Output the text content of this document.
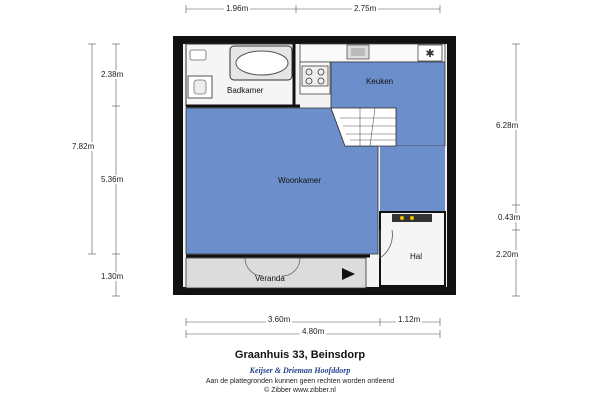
✱
1.96m	2.75m
2.38m
7.82m
5.36m
1.30m
6.28m
0.43m
2.20m
3.60m	1.12m
4.80m
Badkamer
Keuken
Woonkamer
Hal
Veranda
Graanhuis 33, Beinsdorp
Keijser & Drieman Hoofddorp
Aan de plattegronden kunnen geen rechten worden ontleend
© Zibber www.zibber.nl
